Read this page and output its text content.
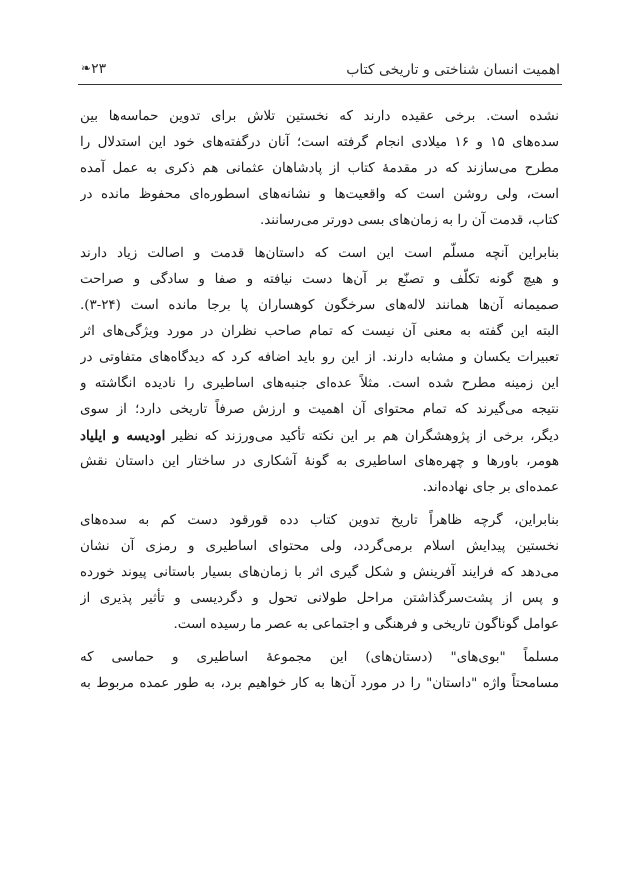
اهمیت انسان شناختی و تاریخی کتاب
۲۳❧
نشده است. برخی عقیده دارند که نخستین تلاش برای تدوین حماسه‌ها بین
سده‌های ۱۵ و ۱۶ میلادی انجام گرفته است؛ آنان درگفته‌های خود این استدلال را
مطرح می‌سازند که در مقدمهٔ کتاب از پادشاهان عثمانی هم ذکری به عمل آمده
است، ولی روشن است که واقعیت‌ها و نشانه‌های اسطوره‌ای محفوظ مانده در
کتاب، قدمت آن را به زمان‌های بسی دورتر می‌رسانند.
بنابراین آنچه مسلّم است این است که داستان‌ها قدمت و اصالت زیاد دارند
و هیچ گونه تکلّف و تصنّع بر آن‌ها دست نیافته و صفا و سادگی و صراحت
صمیمانه آن‌ها همانند لاله‌های سرخگون کوهساران پا برجا مانده است (۲۴-۳).
البته این گفته به معنی آن نیست که تمام صاحب نظران در مورد ویژگی‌های اثر
تعبیرات یکسان و مشابه دارند. از این رو باید اضافه کرد که دیدگاه‌های متفاوتی در
این زمینه مطرح شده است. مثلاً عده‌ای جنبه‌های اساطیری را نادیده انگاشته و
نتیجه می‌گیرند که تمام محتوای آن اهمیت و ارزش صرفاً تاریخی دارد؛ از سوی
دیگر، برخی از پژوهشگران هم بر این نکته تأکید می‌ورزند که نظیر اودیسه و ایلیاد
هومر، باورها و چهره‌های اساطیری به گونهٔ آشکاری در ساختار این داستان نقش
عمده‌ای بر جای نهاده‌اند.
بنابراین، گرچه ظاهراً تاریخ تدوین کتاب دده قورقود دست کم به سده‌های
نخستین پیدایش اسلام برمی‌گردد، ولی محتوای اساطیری و رمزی آن نشان
می‌دهد که فرایند آفرینش و شکل گیری اثر با زمان‌های بسیار باستانی پیوند خورده
و پس از پشت‌سرگذاشتن مراحل طولانی تحول و دگردیسی و تأثیر پذیری از
عوامل گوناگون تاریخی و فرهنگی و اجتماعی به عصر ما رسیده است.
مسلماً "بوی‌های" (دستان‌های) این مجموعهٔ اساطیری و حماسی که
مسامحتاً واژه "داستان" را در مورد آن‌ها به کار خواهیم برد، به طور عمده مربوط به
